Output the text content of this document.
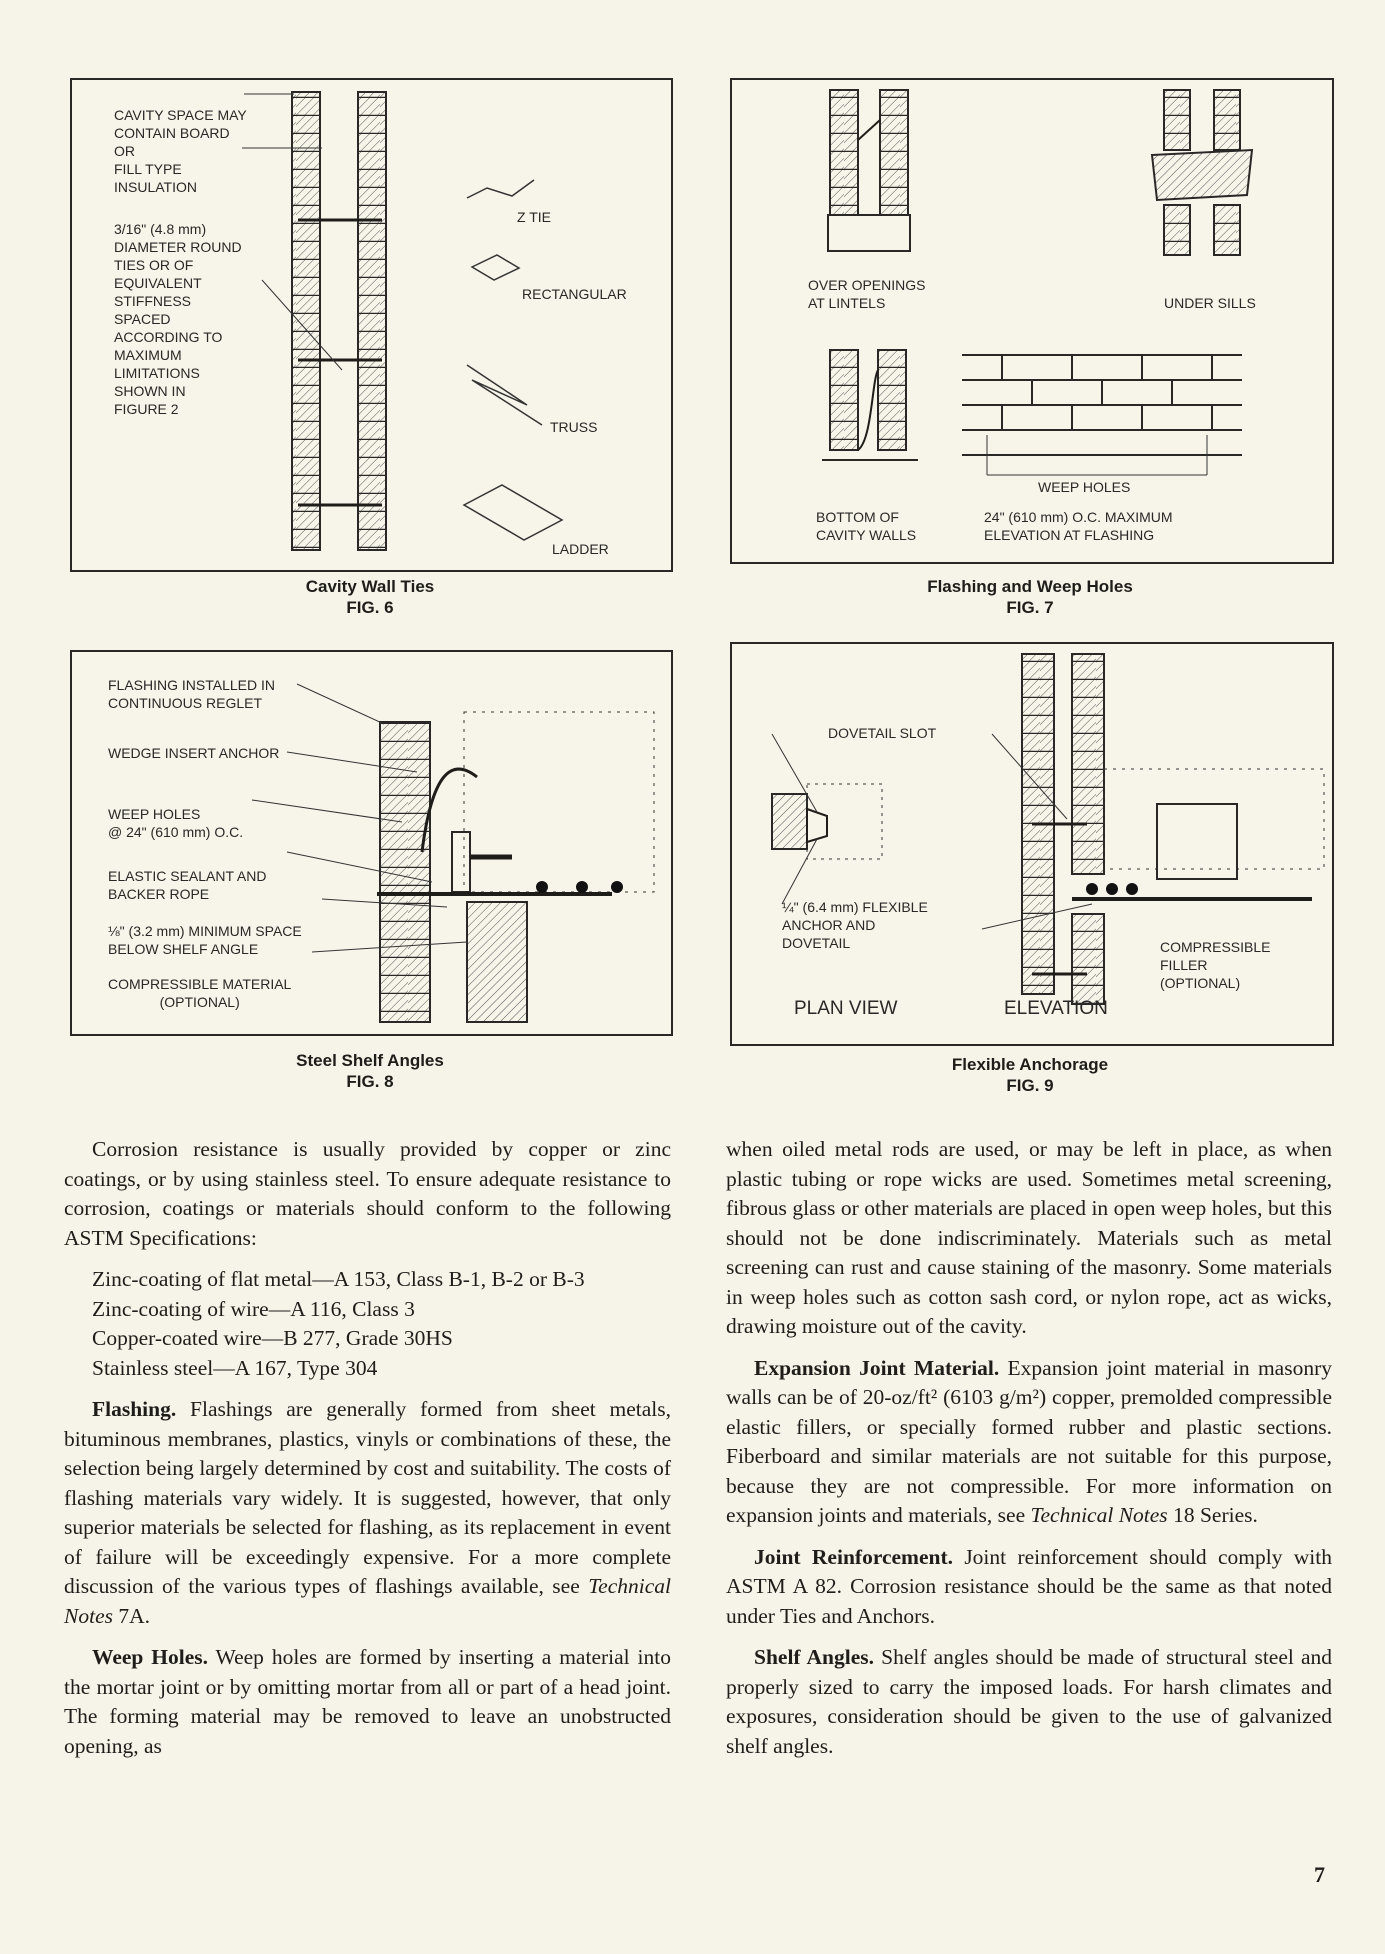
CAVITY SPACE MAY
CONTAIN BOARD
OR
FILL TYPE
INSULATION
3/16" (4.8 mm)
DIAMETER ROUND
TIES OR OF
EQUIVALENT
STIFFNESS
SPACED
ACCORDING TO
MAXIMUM
LIMITATIONS
SHOWN IN
FIGURE 2
Z TIE
RECTANGULAR
TRUSS
LADDER
Cavity Wall Ties
FIG. 6
OVER OPENINGS
AT LINTELS	UNDER SILLS
WEEP HOLES
BOTTOM OF
CAVITY WALLS
24" (610 mm) O.C. MAXIMUM
ELEVATION AT FLASHING
Flashing and Weep Holes
FIG. 7
FLASHING INSTALLED IN
CONTINUOUS REGLET
WEDGE INSERT ANCHOR
WEEP HOLES
@ 24" (610 mm) O.C.
ELASTIC SEALANT AND
BACKER ROPE
⅛" (3.2 mm) MINIMUM SPACE
BELOW SHELF ANGLE
COMPRESSIBLE MATERIAL
(OPTIONAL)
Steel Shelf Angles
FIG. 8
DOVETAIL SLOT
¼" (6.4 mm) FLEXIBLE
ANCHOR AND
DOVETAIL	COMPRESSIBLE
FILLER
(OPTIONAL)
PLAN VIEW	ELEVATION
Flexible Anchorage
FIG. 9

Corrosion resistance is usually provided by copper or zinc coatings, or by using stainless steel. To ensure adequate resistance to corrosion, coatings or materials should conform to the following ASTM Specifications:

Zinc-coating of flat metal—A 153, Class B-1, B-2 or B-3

Zinc-coating of wire—A 116, Class 3

Copper-coated wire—B 277, Grade 30HS

Stainless steel—A 167, Type 304

Flashing. Flashings are generally formed from sheet metals, bituminous membranes, plastics, vinyls or combinations of these, the selection being largely determined by cost and suitability. The costs of flashing materials vary widely. It is suggested, however, that only superior materials be selected for flashing, as its replacement in event of failure will be exceedingly expensive. For a more complete discussion of the various types of flashings available, see Technical Notes 7A.

Weep Holes. Weep holes are formed by inserting a material into the mortar joint or by omitting mortar from all or part of a head joint. The forming material may be removed to leave an unobstructed opening, as

when oiled metal rods are used, or may be left in place, as when plastic tubing or rope wicks are used. Sometimes metal screening, fibrous glass or other materials are placed in open weep holes, but this should not be done indiscriminately. Materials such as metal screening can rust and cause staining of the masonry. Some materials in weep holes such as cotton sash cord, or nylon rope, act as wicks, drawing moisture out of the cavity.

Expansion Joint Material. Expansion joint material in masonry walls can be of 20-oz/ft² (6103 g/m²) copper, premolded compressible elastic fillers, or specially formed rubber and plastic sections. Fiberboard and similar materials are not suitable for this purpose, because they are not compressible. For more information on expansion joints and materials, see Technical Notes 18 Series.

Joint Reinforcement. Joint reinforcement should comply with ASTM A 82. Corrosion resistance should be the same as that noted under Ties and Anchors.

Shelf Angles. Shelf angles should be made of structural steel and properly sized to carry the imposed loads. For harsh climates and exposures, consideration should be given to the use of galvanized shelf angles.

7
